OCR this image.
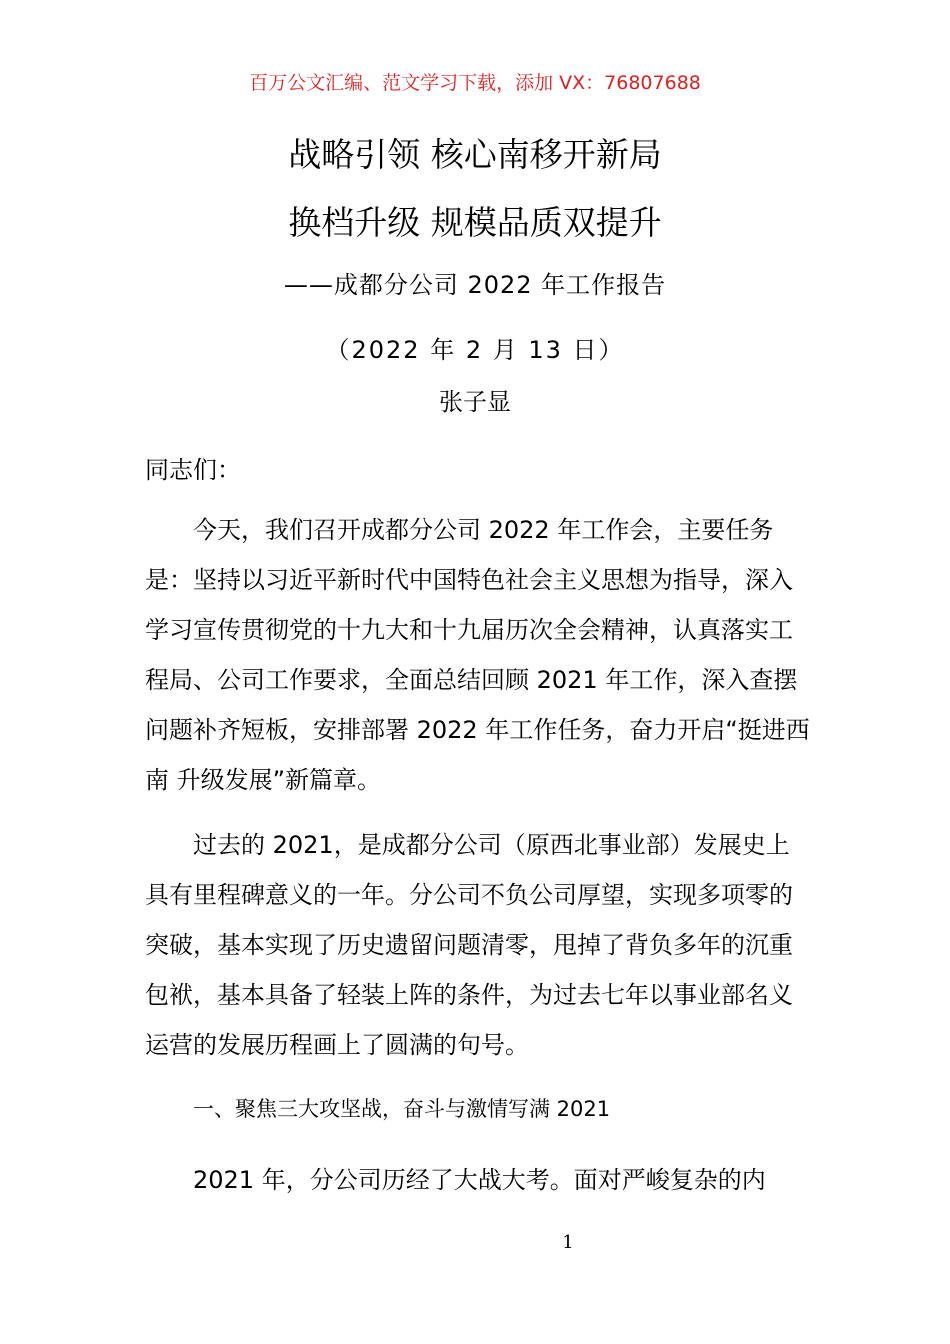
百万公文汇编、范文学习下载，添加 VX：76807688
战略引领 核心南移开新局
换档升级 规模品质双提升
——成都分公司 2022 年工作报告
（2022 年 2 月 13 日）
张子显
同志们：

今天，我们召开成都分公司 2022 年工作会，主要任务是：坚持以习近平新时代中国特色社会主义思想为指导，深入学习宣传贯彻党的十九大和十九届历次全会精神，认真落实工程局、公司工作要求，全面总结回顾 2021 年工作，深入查摆问题补齐短板，安排部署 2022 年工作任务，奋力开启“挺进西南 升级发展”新篇章。

过去的 2021，是成都分公司（原西北事业部）发展史上具有里程碑意义的一年。分公司不负公司厚望，实现多项零的突破，基本实现了历史遗留问题清零，甩掉了背负多年的沉重包袱，基本具备了轻装上阵的条件，为过去七年以事业部名义运营的发展历程画上了圆满的句号。

一、聚焦三大攻坚战，奋斗与激情写满 2021
2021 年，分公司历经了大战大考。面对严峻复杂的内
1
